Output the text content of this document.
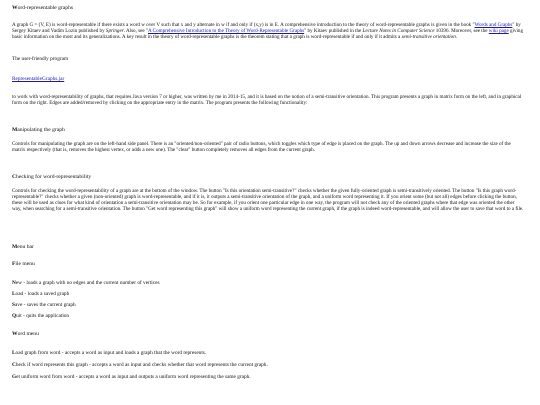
Word-representable graphs
A graph G = (V, E) is word-representable if there exists a word w over V such that x and y alternate in w if and only if (x,y) is in E. A comprehensive introduction to the theory of word-representable graphs is given in the book "Words and Graphs" by Sergey Kitaev and Vadim Lozin published by Springer. Also, see "A Comprehensive Introduction to the Theory of Word-Representable Graphs" by Kitaev published in the Lecture Notes in Computer Science 10396. Moreover, see the wiki page giving basic information on the most and its generalizations. A key result in the theory of word-representable graphs is the theorem stating that a graph is word-representable if and only if it admits a semi-transitive orientation.
The user-friendly program
RepresentableGraphs.jar
to work with word-representability of graphs, that requires Java version 7 or higher, was written by me in 2014-15, and it is based on the notion of a semi-transitive orientation. This program presents a graph in matrix form on the left, and in graphical form on the right. Edges are added/removed by clicking on the appropriate entry in the matrix. The program presents the following functionality:
Manipulating the graph
Controls for manipulating the graph are on the left-hand side panel. There is an "oriented/non-oriented" pair of radio buttons, which toggles which type of edge is placed on the graph. The up and down arrows decrease and increase the size of the matrix respectively (that is, removes the highest vertex, or adds a new one). The "clear" button completely removes all edges from the current graph.
Checking for word-representability
Controls for checking the word-representability of a graph are at the bottom of the window. The button "Is this orientation semi-transitive?" checks whether the given fully-oriented graph is semi-transitively oriented. The button "Is this graph word-representable?" checks whether a given (non-oriented) graph is word-representable, and if it is, it outputs a semi-transitive orientation of the graph, and a uniform word representing it. If you orient some (but not all) edges before clicking the button, these will be used as clues for what kind of orientation a semi-transitive orientation may be. So for example, if you orient one particular edge in one way, the program will not check any of the oriented graphs where that edge was oriented the other way, when searching for a semi-transitive orientation. The button "Get word representing this graph" will show a uniform word representing the current graph, if the graph is indeed word-representable, and will allow the user to save that word to a file.
Menu bar
File menu
New - loads a graph with no edges and the current number of vertices
Load - loads a saved graph
Save - saves the current graph
Quit - quits the application
Word menu
Load graph from word - accepts a word as input and loads a graph that the word represents.
Check if word represents this graph - accepts a word as input and checks whether that word represents the current graph.
Get uniform word from word - accepts a word as input and outputs a uniform word representing the same graph.
